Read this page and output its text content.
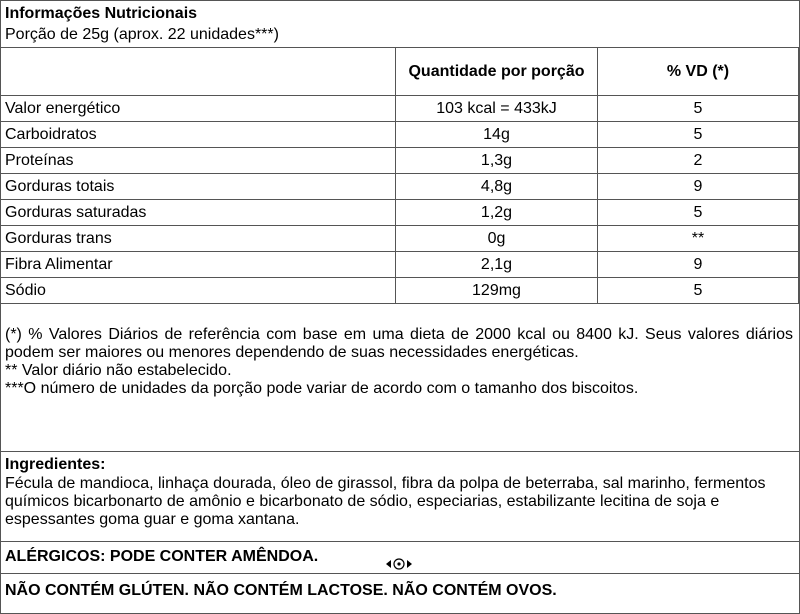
Informações Nutricionais
Porção de 25g (aprox. 22 unidades***)
	Quantidade por porção	% VD (*)
Valor energético	103 kcal = 433kJ	5
Carboidratos	14g	5
Proteínas	1,3g	2
Gorduras totais	4,8g	9
Gorduras saturadas	1,2g	5
Gorduras trans	0g	**
Fibra Alimentar	2,1g	9
Sódio	129mg	5
(*) % Valores Diários de referência com base em uma dieta de 2000 kcal ou 8400 kJ. Seus valores diários podem ser maiores ou menores dependendo de suas necessidades energéticas.
** Valor diário não estabelecido.
***O número de unidades da porção pode variar de acordo com o tamanho dos biscoitos.
Ingredientes:
Fécula de mandioca, linhaça dourada, óleo de girassol, fibra da polpa de beterraba, sal marinho, fermentos químicos bicarbonarto de amônio e bicarbonato de sódio, especiarias, estabilizante lecitina de soja e espessantes goma guar e goma xantana.
ALÉRGICOS: PODE CONTER AMÊNDOA.
NÃO CONTÉM GLÚTEN. NÃO CONTÉM LACTOSE. NÃO CONTÉM OVOS.
